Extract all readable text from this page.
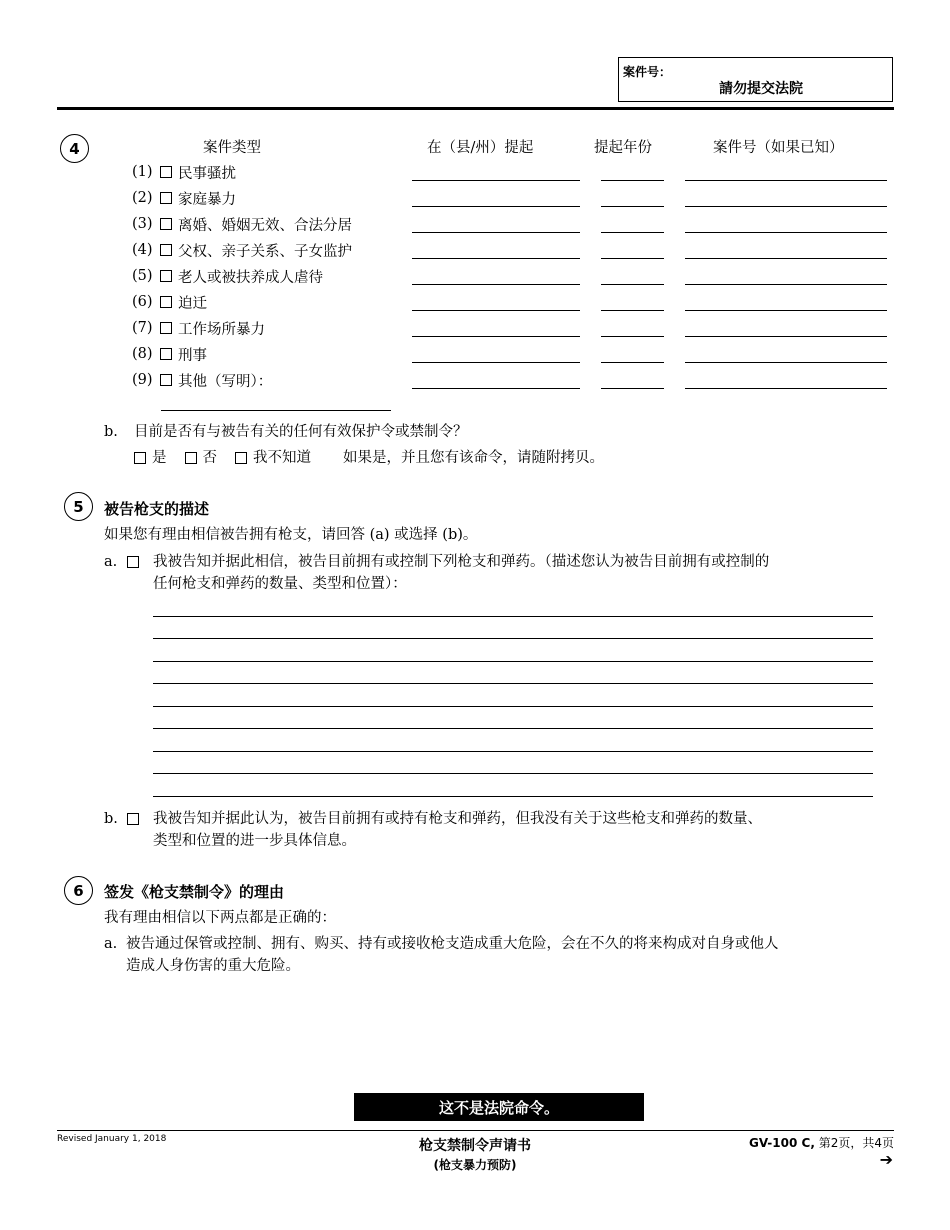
案件号：
請勿提交法院
4	案件类型	在（县/州）提起	提起年份	案件号（如果已知）
(1)	民事骚扰
(2)	家庭暴力
(3)	离婚、婚姻无效、合法分居
(4)	父权、亲子关系、子女监护
(5)	老人或被扶养成人虐待
(6)	迫迁
(7)	工作场所暴力
(8)	刑事
(9)	其他（写明）：
b. 目前是否有与被告有关的任何有效保护令或禁制令？
是 否 我不知道 如果是，并且您有该命令，请随附拷贝。
5	被告枪支的描述
如果您有理由相信被告拥有枪支，请回答 (a) 或选择 (b)。
a. 我被告知并据此相信，被告目前拥有或控制下列枪支和弹药。（描述您认为被告目前拥有或控制的
任何枪支和弹药的数量、类型和位置）：
b. 我被告知并据此认为，被告目前拥有或持有枪支和弹药，但我没有关于这些枪支和弹药的数量、
类型和位置的进一步具体信息。
6	签发《枪支禁制令》的理由
我有理由相信以下两点都是正确的：
a. 被告通过保管或控制、拥有、购买、持有或接收枪支造成重大危险，会在不久的将来构成对自身或他人
造成人身伤害的重大危险。
这不是法院命令。
Revised January 1, 2018	枪支禁制令声请书
(枪支暴力预防)
GV-100 C, 第2页，共4页
➔
